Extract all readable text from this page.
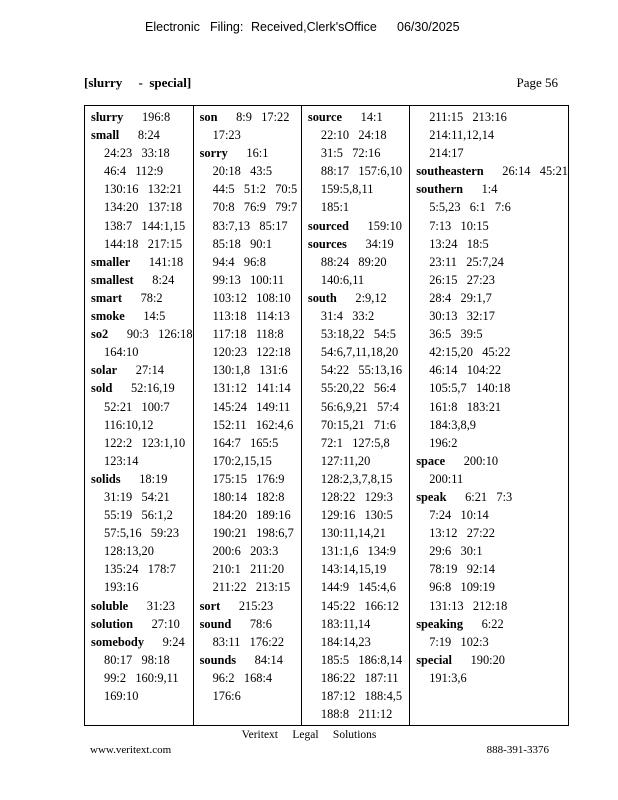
Electronic Filing: Received,Clerk'sOffice 06/30/2025
[slurry     -  special]	Page 56
slurry 196:8
small 8:24
24:23   33:18
46:4   112:9
130:16   132:21
134:20   137:18
138:7   144:1,15
144:18   217:15
smaller 141:18
smallest 8:24
smart 78:2
smoke 14:5
so2 90:3   126:18
164:10
solar 27:14
sold 52:16,19
52:21   100:7
116:10,12
122:2   123:1,10
123:14
solids 18:19
31:19   54:21
55:19   56:1,2
57:5,16   59:23
128:13,20
135:24   178:7
193:16
soluble 31:23
solution 27:10
somebody 9:24
80:17   98:18
99:2   160:9,11
169:10
son 8:9   17:22
17:23
sorry 16:1
20:18   43:5
44:5   51:2   70:5
70:8   76:9   79:7
83:7,13   85:17
85:18   90:1
94:4   96:8
99:13   100:11
103:12   108:10
113:18   114:13
117:18   118:8
120:23   122:18
130:1,8   131:6
131:12   141:14
145:24   149:11
152:11   162:4,6
164:7   165:5
170:2,15,15
175:15   176:9
180:14   182:8
184:20   189:16
190:21   198:6,7
200:6   203:3
210:1   211:20
211:22   213:15
sort 215:23
sound 78:6
83:11   176:22
sounds 84:14
96:2   168:4
176:6
source 14:1
22:10   24:18
31:5   72:16
88:17   157:6,10
159:5,8,11
185:1
sourced 159:10
sources 34:19
88:24   89:20
140:6,11
south 2:9,12
31:4   33:2
53:18,22   54:5
54:6,7,11,18,20
54:22   55:13,16
55:20,22   56:4
56:6,9,21   57:4
70:15,21   71:6
72:1   127:5,8
127:11,20
128:2,3,7,8,15
128:22   129:3
129:16   130:5
130:11,14,21
131:1,6   134:9
143:14,15,19
144:9   145:4,6
145:22   166:12
183:11,14
184:14,23
185:5   186:8,14
186:22   187:11
187:12   188:4,5
188:8   211:12
211:15   213:16
214:11,12,14
214:17
southeastern 26:14   45:21
southern 1:4
5:5,23   6:1   7:6
7:13   10:15
13:24   18:5
23:11   25:7,24
26:15   27:23
28:4   29:1,7
30:13   32:17
36:5   39:5
42:15,20   45:22
46:14   104:22
105:5,7   140:18
161:8   183:21
184:3,8,9
196:2
space 200:10
200:11
speak 6:21   7:3
7:24   10:14
13:12   27:22
29:6   30:1
78:19   92:14
96:8   109:19
131:13   212:18
speaking 6:22
7:19   102:3
special 190:20
191:3,6
Veritext     Legal     Solutions
www.veritext.com	888-391-3376
